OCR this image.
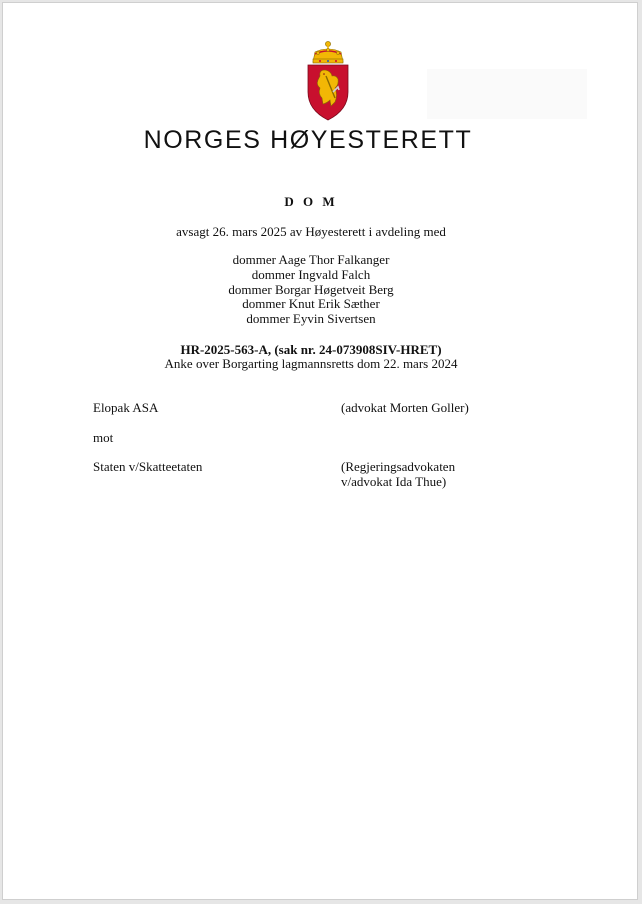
NORGES HØYESTERETT
D O M
avsagt 26. mars 2025 av Høyesterett i avdeling med
dommer Aage Thor Falkanger
dommer Ingvald Falch
dommer Borgar Høgetveit Berg
dommer Knut Erik Sæther
dommer Eyvin Sivertsen
HR-2025-563-A, (sak nr. 24-073908SIV-HRET)
Anke over Borgarting lagmannsretts dom 22. mars 2024
Elopak ASA	(advokat Morten Goller)
mot
Staten v/Skatteetaten	(Regjeringsadvokaten
v/advokat Ida Thue)
